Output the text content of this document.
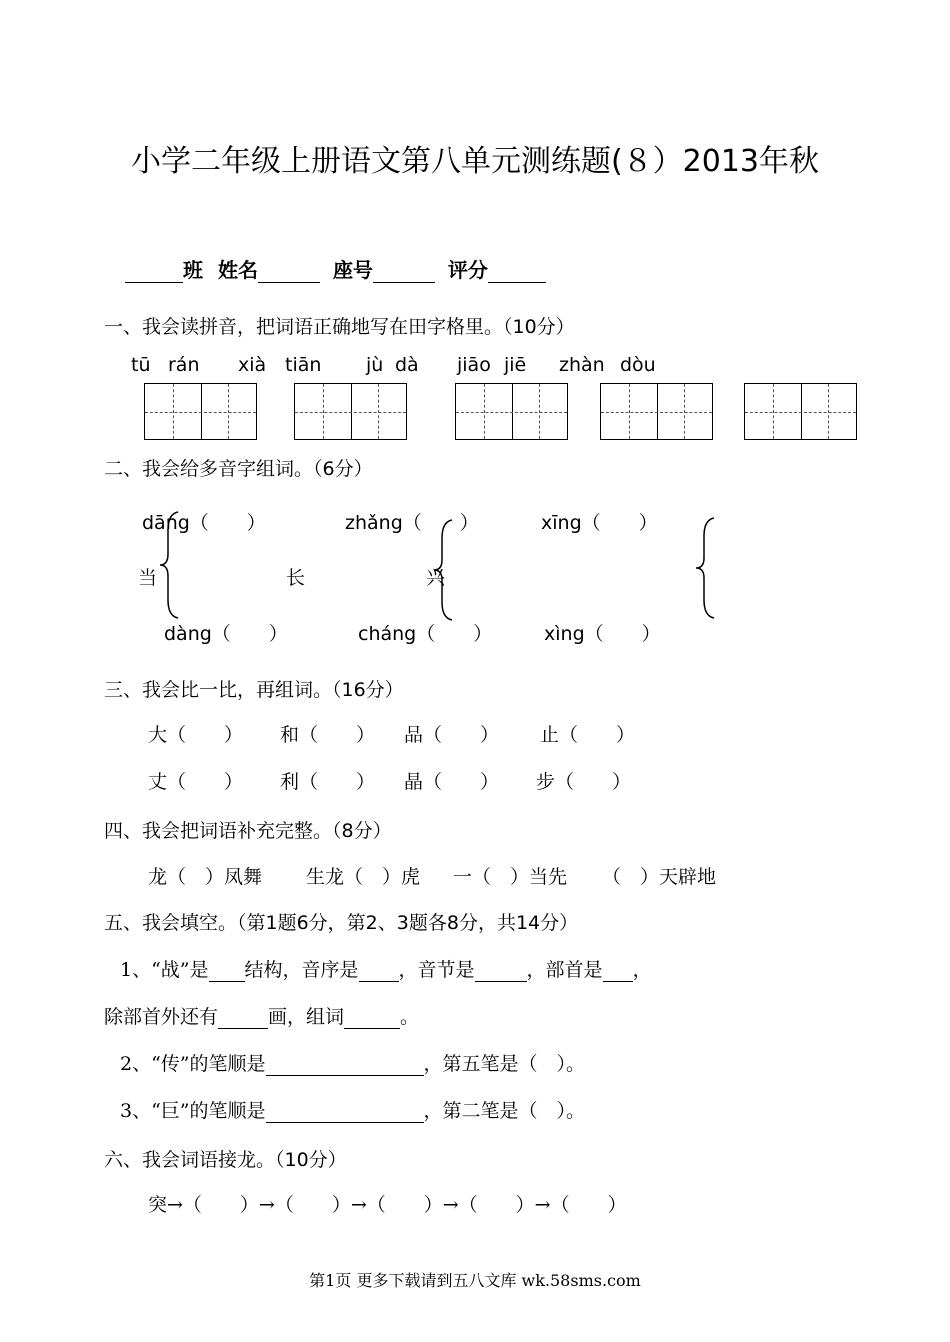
小学二年级上册语文第八单元测练题(８）2013年秋
班 姓名	座号	评分
一、我会读拼音，把词语正确地写在田字格里。（10分）
tū rán xià tiān jù dà jiāo jiē zhàn dòu
二、我会给多音字组词。（6分）
dāng（　　）	zhǎng（　　）	xīng（　　）
当	长	兴
dàng（　　）	cháng（　　）	xìng（　　）
三、我会比一比，再组词。（16分）
大（　　） 和（　　） 品（　　） 止（　　）
丈（　　） 利（　　） 晶（　　） 步（　　）
四、我会把词语补充完整。（8分）
龙（　）凤舞 生龙（　）虎 一（　）当先 （　）天辟地
五、我会填空。（第1题6分，第2、3题各8分，共14分）
1、“战”是 结构，音序是 ，音节是	，部首是 ，
除部首外还有	画，组词	。
2、“传”的笔顺是	，第五笔是（　）。
3、“巨”的笔顺是	，第二笔是（　）。
六、我会词语接龙。（10分）
突→（　　）→（　　）→（　　）→（　　）→（　　）
第1页 更多下载请到五八文库 wk.58sms.com
